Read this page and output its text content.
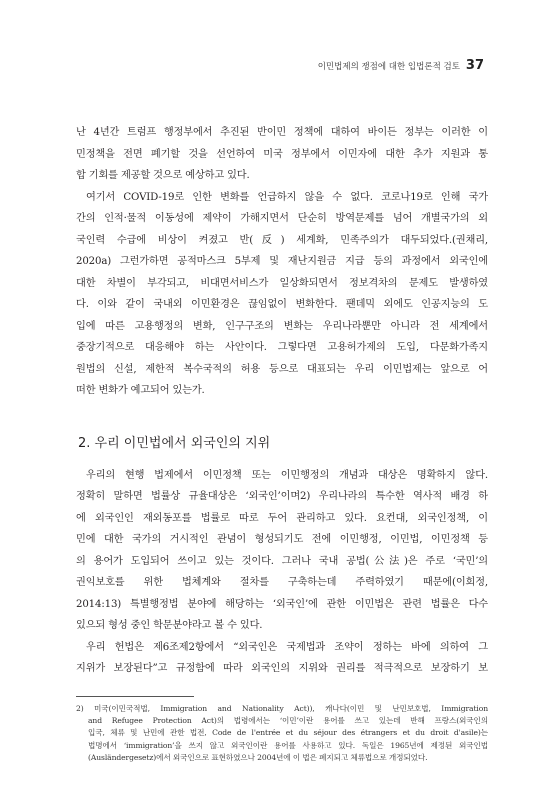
이민법제의 쟁점에 대한 입법론적 검토 37

난 4년간 트럼프 행정부에서 추진된 반이민 정책에 대하여 바이든 정부는 이러한 이
민정책을 전면 폐기할 것을 선언하여 미국 정부에서 이민자에 대한 추가 지원과 통
합 기회를 제공할 것으로 예상하고 있다.

여기서 COVID-19로 인한 변화를 언급하지 않을 수 없다. 코로나19로 인해 국가
간의 인적·물적 이동성에 제약이 가해지면서 단순히 방역문제를 넘어 개별국가의 외
국인력 수급에 비상이 켜졌고 반(反) 세계화, 민족주의가 대두되었다.(권채리,
2020a) 그런가하면 공적마스크 5부제 및 재난지원금 지급 등의 과정에서 외국인에
대한 차별이 부각되고, 비대면서비스가 일상화되면서 정보격차의 문제도 발생하였
다. 이와 같이 국내외 이민환경은 끊임없이 변화한다. 팬데믹 외에도 인공지능의 도
입에 따른 고용행정의 변화, 인구구조의 변화는 우리나라뿐만 아니라 전 세계에서
중장기적으로 대응해야 하는 사안이다. 그렇다면 고용허가제의 도입, 다문화가족지
원법의 신설, 제한적 복수국적의 허용 등으로 대표되는 우리 이민법제는 앞으로 어
떠한 변화가 예고되어 있는가.

2. 우리 이민법에서 외국인의 지위

우리의 현행 법제에서 이민정책 또는 이민행정의 개념과 대상은 명확하지 않다.
정확히 말하면 법률상 규율대상은 ‘외국인’이며2) 우리나라의 특수한 역사적 배경 하
에 외국인인 재외동포를 법률로 따로 두어 관리하고 있다. 요컨대, 외국인정책, 이
민에 대한 국가의 거시적인 관념이 형성되기도 전에 이민행정, 이민법, 이민정책 등
의 용어가 도입되어 쓰이고 있는 것이다. 그러나 국내 공법(公法)은 주로 ‘국민’의
권익보호를 위한 법체계와 절차를 구축하는데 주력하였기 때문에(이희정,
2014:13) 특별행정법 분야에 해당하는 ‘외국인’에 관한 이민법은 관련 법률은 다수
있으되 형성 중인 학문분야라고 볼 수 있다.

우리 헌법은 제6조제2항에서 “외국인은 국제법과 조약이 정하는 바에 의하여 그
지위가 보장된다”고 규정함에 따라 외국인의 지위와 권리를 적극적으로 보장하기 보

2) 미국(이민국적법, Immigration and Nationality Act)), 캐나다(이민 및 난민보호법, Immigration
and Refugee Protection Act)의 법령에서는 ‘이민’이란 용어를 쓰고 있는데 반해 프랑스(외국인의
입국, 체류 및 난민에 관한 법전, Code de l'entrée et du séjour des étrangers et du droit d'asile)는
법명에서 ‘immigration’을 쓰지 않고 외국인이란 용어를 사용하고 있다. 독일은 1965년에 제정된 외국인법
(Ausländergesetz)에서 외국인으로 표현하였으나 2004년에 이 법은 폐지되고 체류법으로 개정되었다.
